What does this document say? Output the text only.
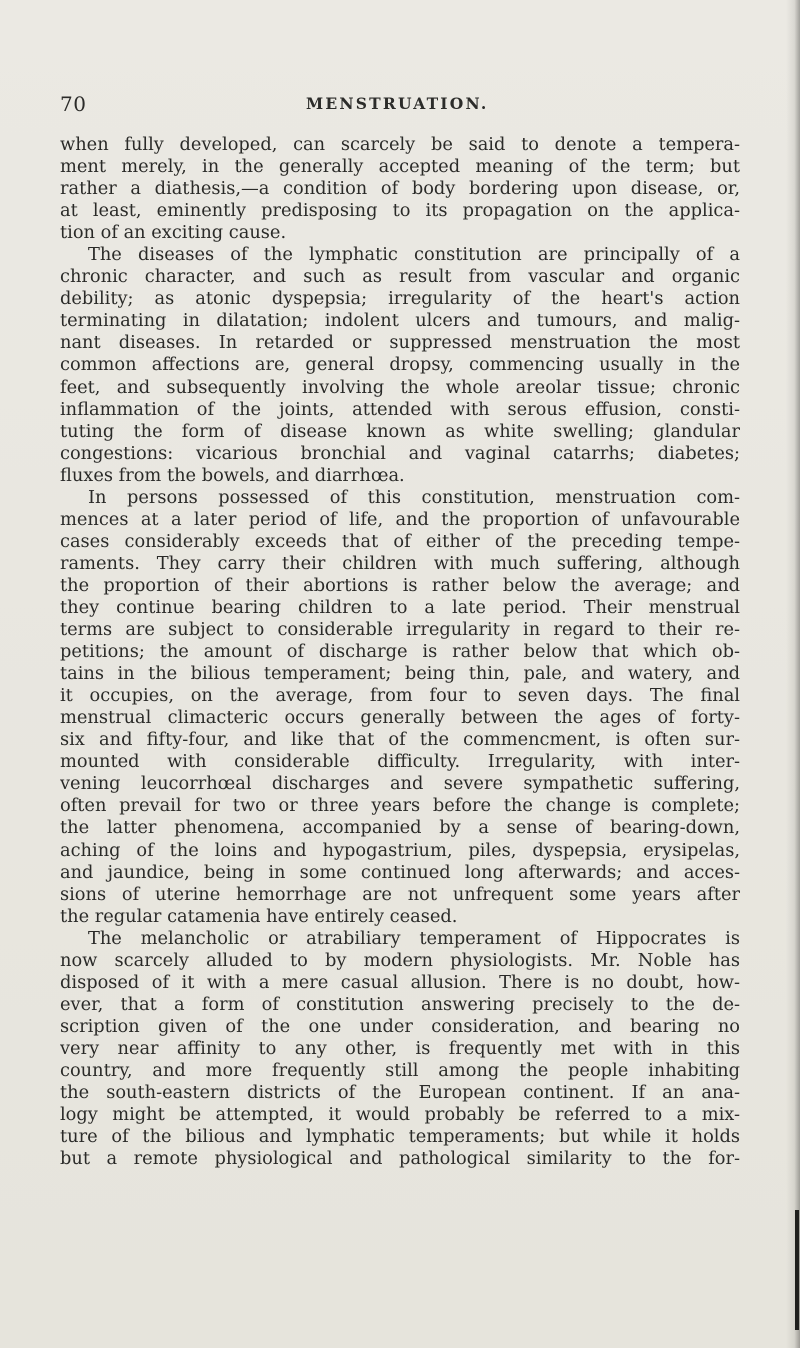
70	MENSTRUATION.
when fully developed, can scarcely be said to denote a tempera-
ment merely, in the generally accepted meaning of the term; but
rather a diathesis,—a condition of body bordering upon disease, or,
at least, eminently predisposing to its propagation on the applica-
tion of an exciting cause.
The diseases of the lymphatic constitution are principally of a
chronic character, and such as result from vascular and organic
debility; as atonic dyspepsia; irregularity of the heart's action
terminating in dilatation; indolent ulcers and tumours, and malig-
nant diseases. In retarded or suppressed menstruation the most
common affections are, general dropsy, commencing usually in the
feet, and subsequently involving the whole areolar tissue; chronic
inflammation of the joints, attended with serous effusion, consti-
tuting the form of disease known as white swelling; glandular
congestions: vicarious bronchial and vaginal catarrhs; diabetes;
fluxes from the bowels, and diarrhœa.
In persons possessed of this constitution, menstruation com-
mences at a later period of life, and the proportion of unfavourable
cases considerably exceeds that of either of the preceding tempe-
raments. They carry their children with much suffering, although
the proportion of their abortions is rather below the average; and
they continue bearing children to a late period. Their menstrual
terms are subject to considerable irregularity in regard to their re-
petitions; the amount of discharge is rather below that which ob-
tains in the bilious temperament; being thin, pale, and watery, and
it occupies, on the average, from four to seven days. The final
menstrual climacteric occurs generally between the ages of forty-
six and fifty-four, and like that of the commencment, is often sur-
mounted with considerable difficulty. Irregularity, with inter-
vening leucorrhœal discharges and severe sympathetic suffering,
often prevail for two or three years before the change is complete;
the latter phenomena, accompanied by a sense of bearing-down,
aching of the loins and hypogastrium, piles, dyspepsia, erysipelas,
and jaundice, being in some continued long afterwards; and acces-
sions of uterine hemorrhage are not unfrequent some years after
the regular catamenia have entirely ceased.
The melancholic or atrabiliary temperament of Hippocrates is
now scarcely alluded to by modern physiologists. Mr. Noble has
disposed of it with a mere casual allusion. There is no doubt, how-
ever, that a form of constitution answering precisely to the de-
scription given of the one under consideration, and bearing no
very near affinity to any other, is frequently met with in this
country, and more frequently still among the people inhabiting
the south-eastern districts of the European continent. If an ana-
logy might be attempted, it would probably be referred to a mix-
ture of the bilious and lymphatic temperaments; but while it holds
but a remote physiological and pathological similarity to the for-
